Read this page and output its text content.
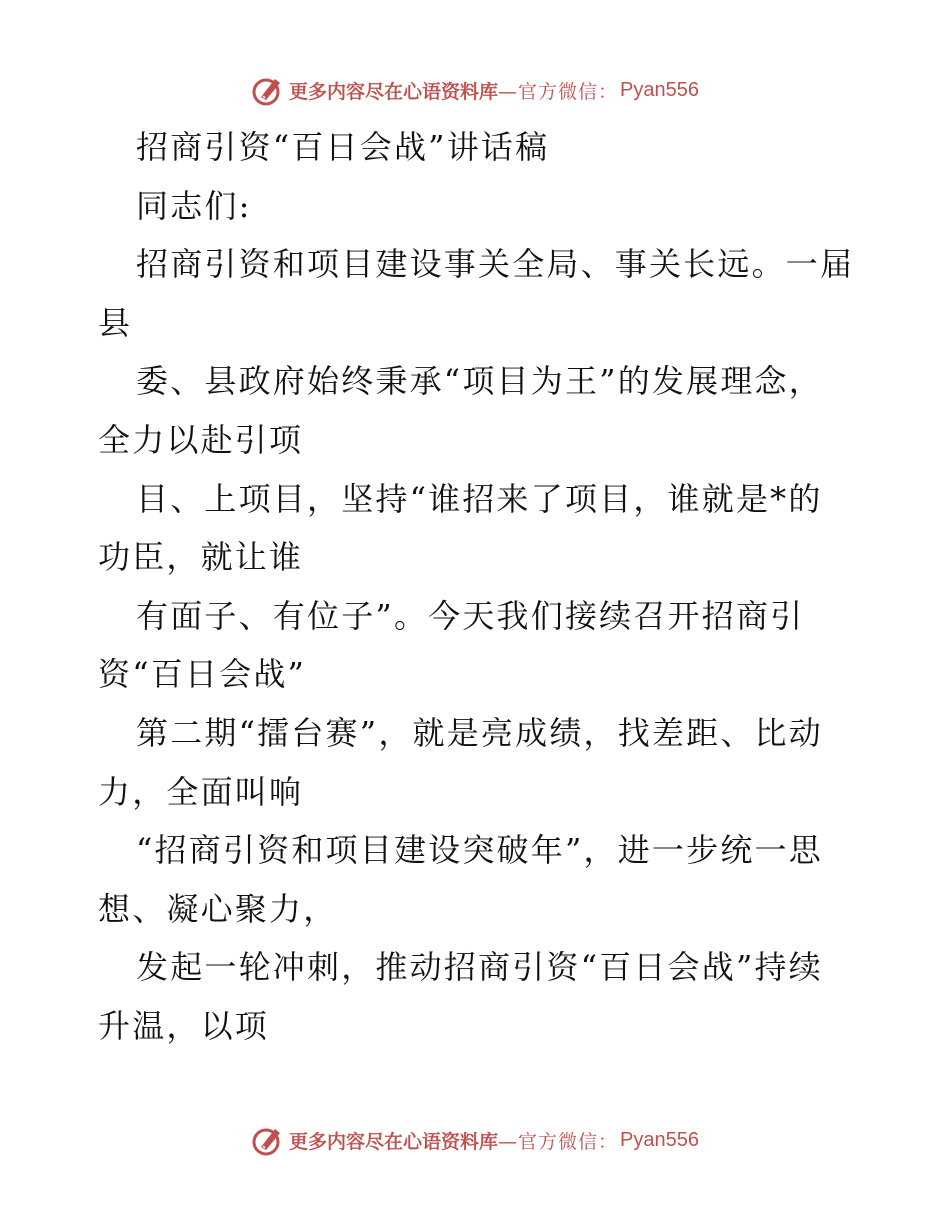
更多内容尽在心语资料库 —官方微信： Pyan556
招商引资“百日会战”讲话稿
同志们:
招商引资和项目建设事关全局、事关长远。一届
县
委、县政府始终秉承“项目为王”的发展理念，
全力以赴引项
目、上项目，坚持“谁招来了项目，谁就是*的
功臣，就让谁
有面子、有位子”。今天我们接续召开招商引
资“百日会战”
第二期“擂台赛”，就是亮成绩，找差距、比动
力，全面叫响
“招商引资和项目建设突破年”，进一步统一思
想、凝心聚力，
发起一轮冲刺，推动招商引资“百日会战”持续
升温，以项
更多内容尽在心语资料库 —官方微信： Pyan556
